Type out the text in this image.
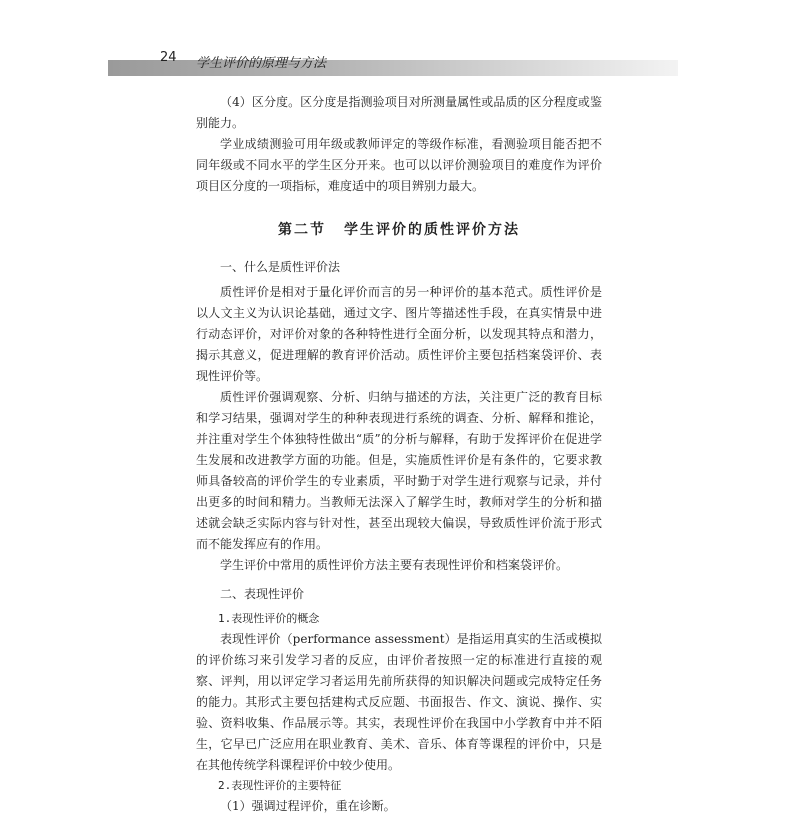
24 学生评价的原理与方法

（4）区分度。区分度是指测验项目对所测量属性或品质的区分程度或鉴别能力。

学业成绩测验可用年级或教师评定的等级作标准，看测验项目能否把不同年级或不同水平的学生区分开来。也可以以评价测验项目的难度作为评价项目区分度的一项指标，难度适中的项目辨别力最大。

第二节 学生评价的质性评价方法
一、什么是质性评价法

质性评价是相对于量化评价而言的另一种评价的基本范式。质性评价是以人文主义为认识论基础，通过文字、图片等描述性手段，在真实情景中进行动态评价，对评价对象的各种特性进行全面分析，以发现其特点和潜力，揭示其意义，促进理解的教育评价活动。质性评价主要包括档案袋评价、表现性评价等。

质性评价强调观察、分析、归纳与描述的方法，关注更广泛的教育目标和学习结果，强调对学生的种种表现进行系统的调查、分析、解释和推论，并注重对学生个体独特性做出“质”的分析与解释，有助于发挥评价在促进学生发展和改进教学方面的功能。但是，实施质性评价是有条件的，它要求教师具备较高的评价学生的专业素质，平时勤于对学生进行观察与记录，并付出更多的时间和精力。当教师无法深入了解学生时，教师对学生的分析和描述就会缺乏实际内容与针对性，甚至出现较大偏误，导致质性评价流于形式而不能发挥应有的作用。

学生评价中常用的质性评价方法主要有表现性评价和档案袋评价。

二、表现性评价
1.表现性评价的概念

表现性评价（performance assessment）是指运用真实的生活或模拟的评价练习来引发学习者的反应，由评价者按照一定的标准进行直接的观察、评判，用以评定学习者运用先前所获得的知识解决问题或完成特定任务的能力。其形式主要包括建构式反应题、书面报告、作文、演说、操作、实验、资料收集、作品展示等。其实，表现性评价在我国中小学教育中并不陌生，它早已广泛应用在职业教育、美术、音乐、体育等课程的评价中，只是在其他传统学科课程评价中较少使用。

2.表现性评价的主要特征

（1）强调过程评价，重在诊断。
